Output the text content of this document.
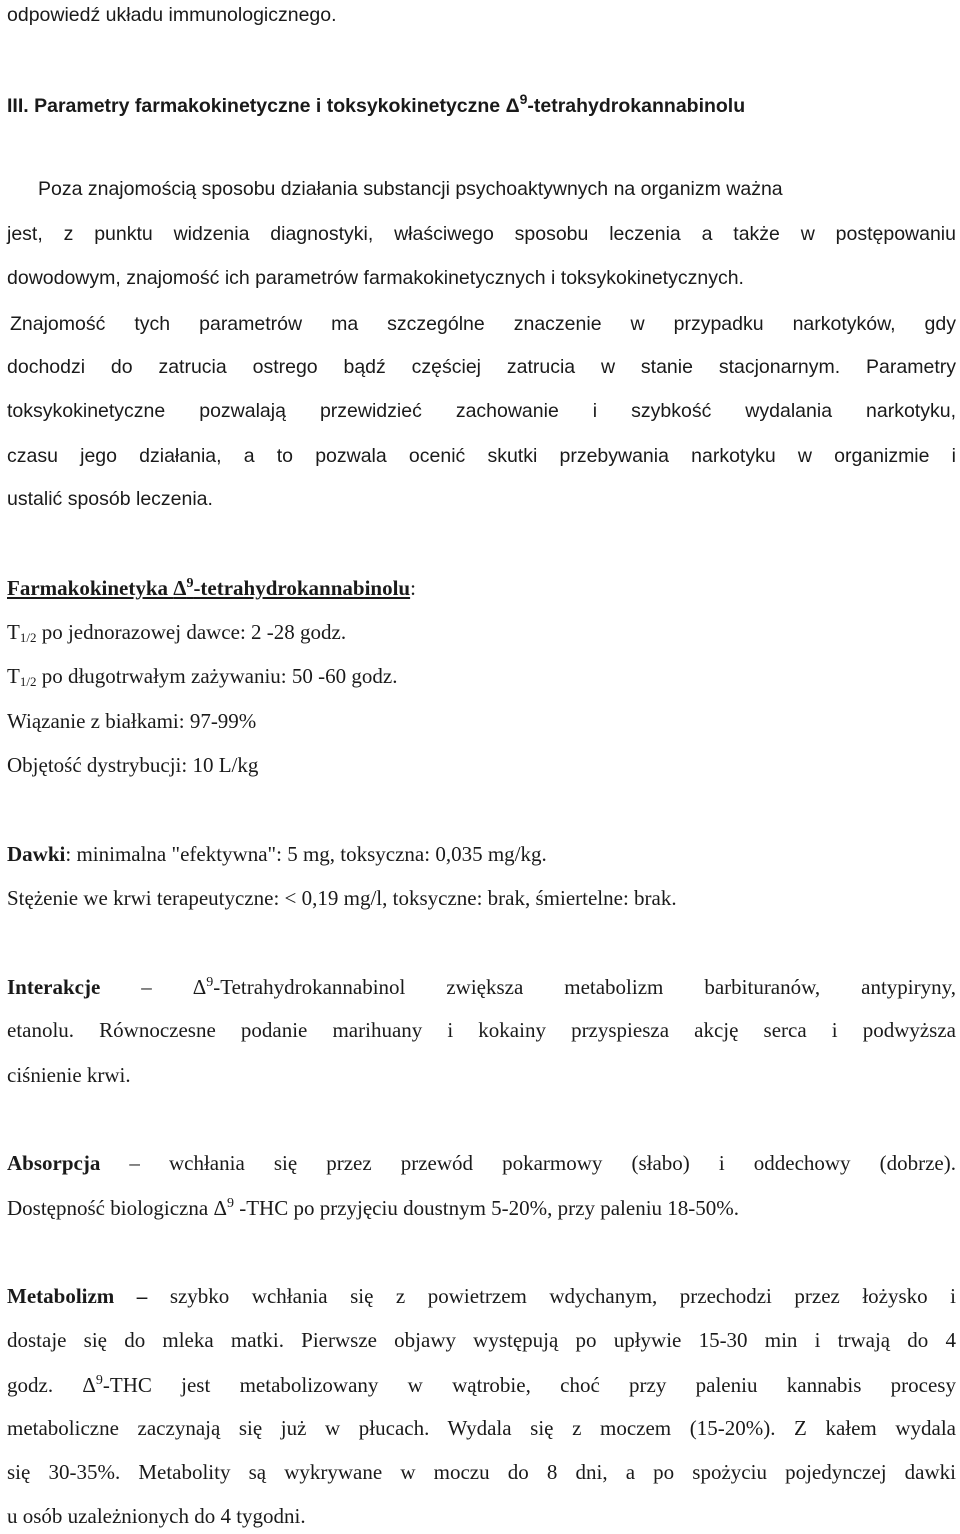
odpowiedź układu immunologicznego.
III. Parametry farmakokinetyczne i toksykokinetyczne $\Delta^9$-tetrahydrokannabinolu
Poza znajomością sposobu działania substancji psychoaktywnych na organizm ważna
jest, z punktu widzenia diagnostyki, właściwego sposobu leczenia a także w postępowaniu
dowodowym, znajomość ich parametrów farmakokinetycznych i toksykokinetycznych.
Znajomość tych parametrów ma szczególne znaczenie w przypadku narkotyków, gdy
dochodzi do zatrucia ostrego bądź częściej zatrucia w stanie stacjonarnym. Parametry
toksykokinetyczne pozwalają przewidzieć zachowanie i szybkość wydalania narkotyku,
czasu jego działania, a to pozwala ocenić skutki przebywania narkotyku w organizmie i
ustalić sposób leczenia.
Farmakokinetyka $\Delta^9$-tetrahydrokannabinolu:
$T_{1/2}$ po jednorazowej dawce: 2 -28 godz.
$T_{1/2}$ po długotrwałym zażywaniu: 50 -60 godz.
Wiązanie z białkami: 97-99%
Objętość dystrybucji: 10 L/kg
Dawki: minimalna "efektywna": 5 mg, toksyczna: 0,035 mg/kg.
Stężenie we krwi terapeutyczne: < 0,19 mg/l, toksyczne: brak, śmiertelne: brak.
Interakcje – $\Delta^9$-Tetrahydrokannabinol zwiększa metabolizm barbituranów, antypiryny,
etanolu. Równoczesne podanie marihuany i kokainy przyspiesza akcję serca i podwyższa
ciśnienie krwi.
Absorpcja – wchłania się przez przewód pokarmowy (słabo) i oddechowy (dobrze).
Dostępność biologiczna $\Delta^9$ -THC po przyjęciu doustnym 5-20%, przy paleniu 18-50%.
Metabolizm – szybko wchłania się z powietrzem wdychanym, przechodzi przez łożysko i
dostaje się do mleka matki. Pierwsze objawy występują po upływie 15-30 min i trwają do 4
godz. $\Delta^9$-THC jest metabolizowany w wątrobie, choć przy paleniu kannabis procesy
metaboliczne zaczynają się już w płucach. Wydala się z moczem (15-20%). Z kałem wydala
się 30-35%. Metabolity są wykrywane w moczu do 8 dni, a po spożyciu pojedynczej dawki
u osób uzależnionych do 4 tygodni.
